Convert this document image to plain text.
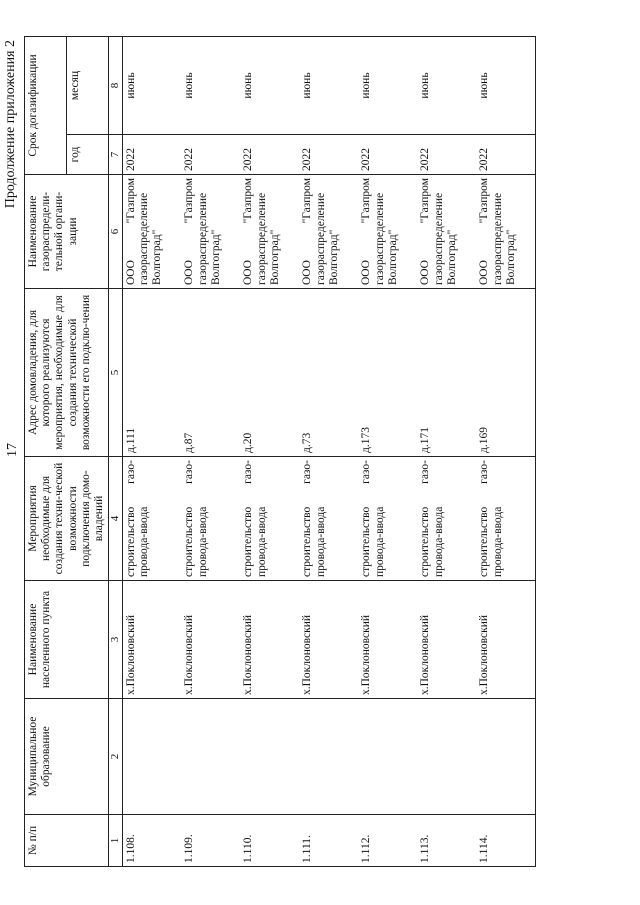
17
Продолжение приложения 2
№ п/п	Муниципальное образование	Наименование населенного пункта	Мероприятия необходимые для создания техни-ческой возможности подключения домо-владений	Адрес домовладения, для которого реализуются мероприятия, необходимые для создания технической возможности его подклю-чения	Наименование газораспредели-тельной органи-зации	Срок догазификации	
						год	месяц
1	2	3	4	5	6	7	8
1.108.		х.Поклоновский	строительство газо-провода-ввода	д.111	ООО "Газпром газораспределение Волгоград"	2022	июнь
1.109.		х.Поклоновский	строительство газо-провода-ввода	д.87	ООО "Газпром газораспределение Волгоград"	2022	июнь
1.110.		х.Поклоновский	строительство газо-провода-ввода	д.20	ООО "Газпром газораспределение Волгоград"	2022	июнь
1.111.		х.Поклоновский	строительство газо-провода-ввода	д.73	ООО "Газпром газораспределение Волгоград"	2022	июнь
1.112.		х.Поклоновский	строительство газо-провода-ввода	д.173	ООО "Газпром газораспределение Волгоград"	2022	июнь
1.113.		х.Поклоновский	строительство газо-провода-ввода	д.171	ООО "Газпром газораспределение Волгоград"	2022	июнь
1.114.		х.Поклоновский	строительство газо-провода-ввода	д.169	ООО "Газпром газораспределение Волгоград"	2022	июнь
